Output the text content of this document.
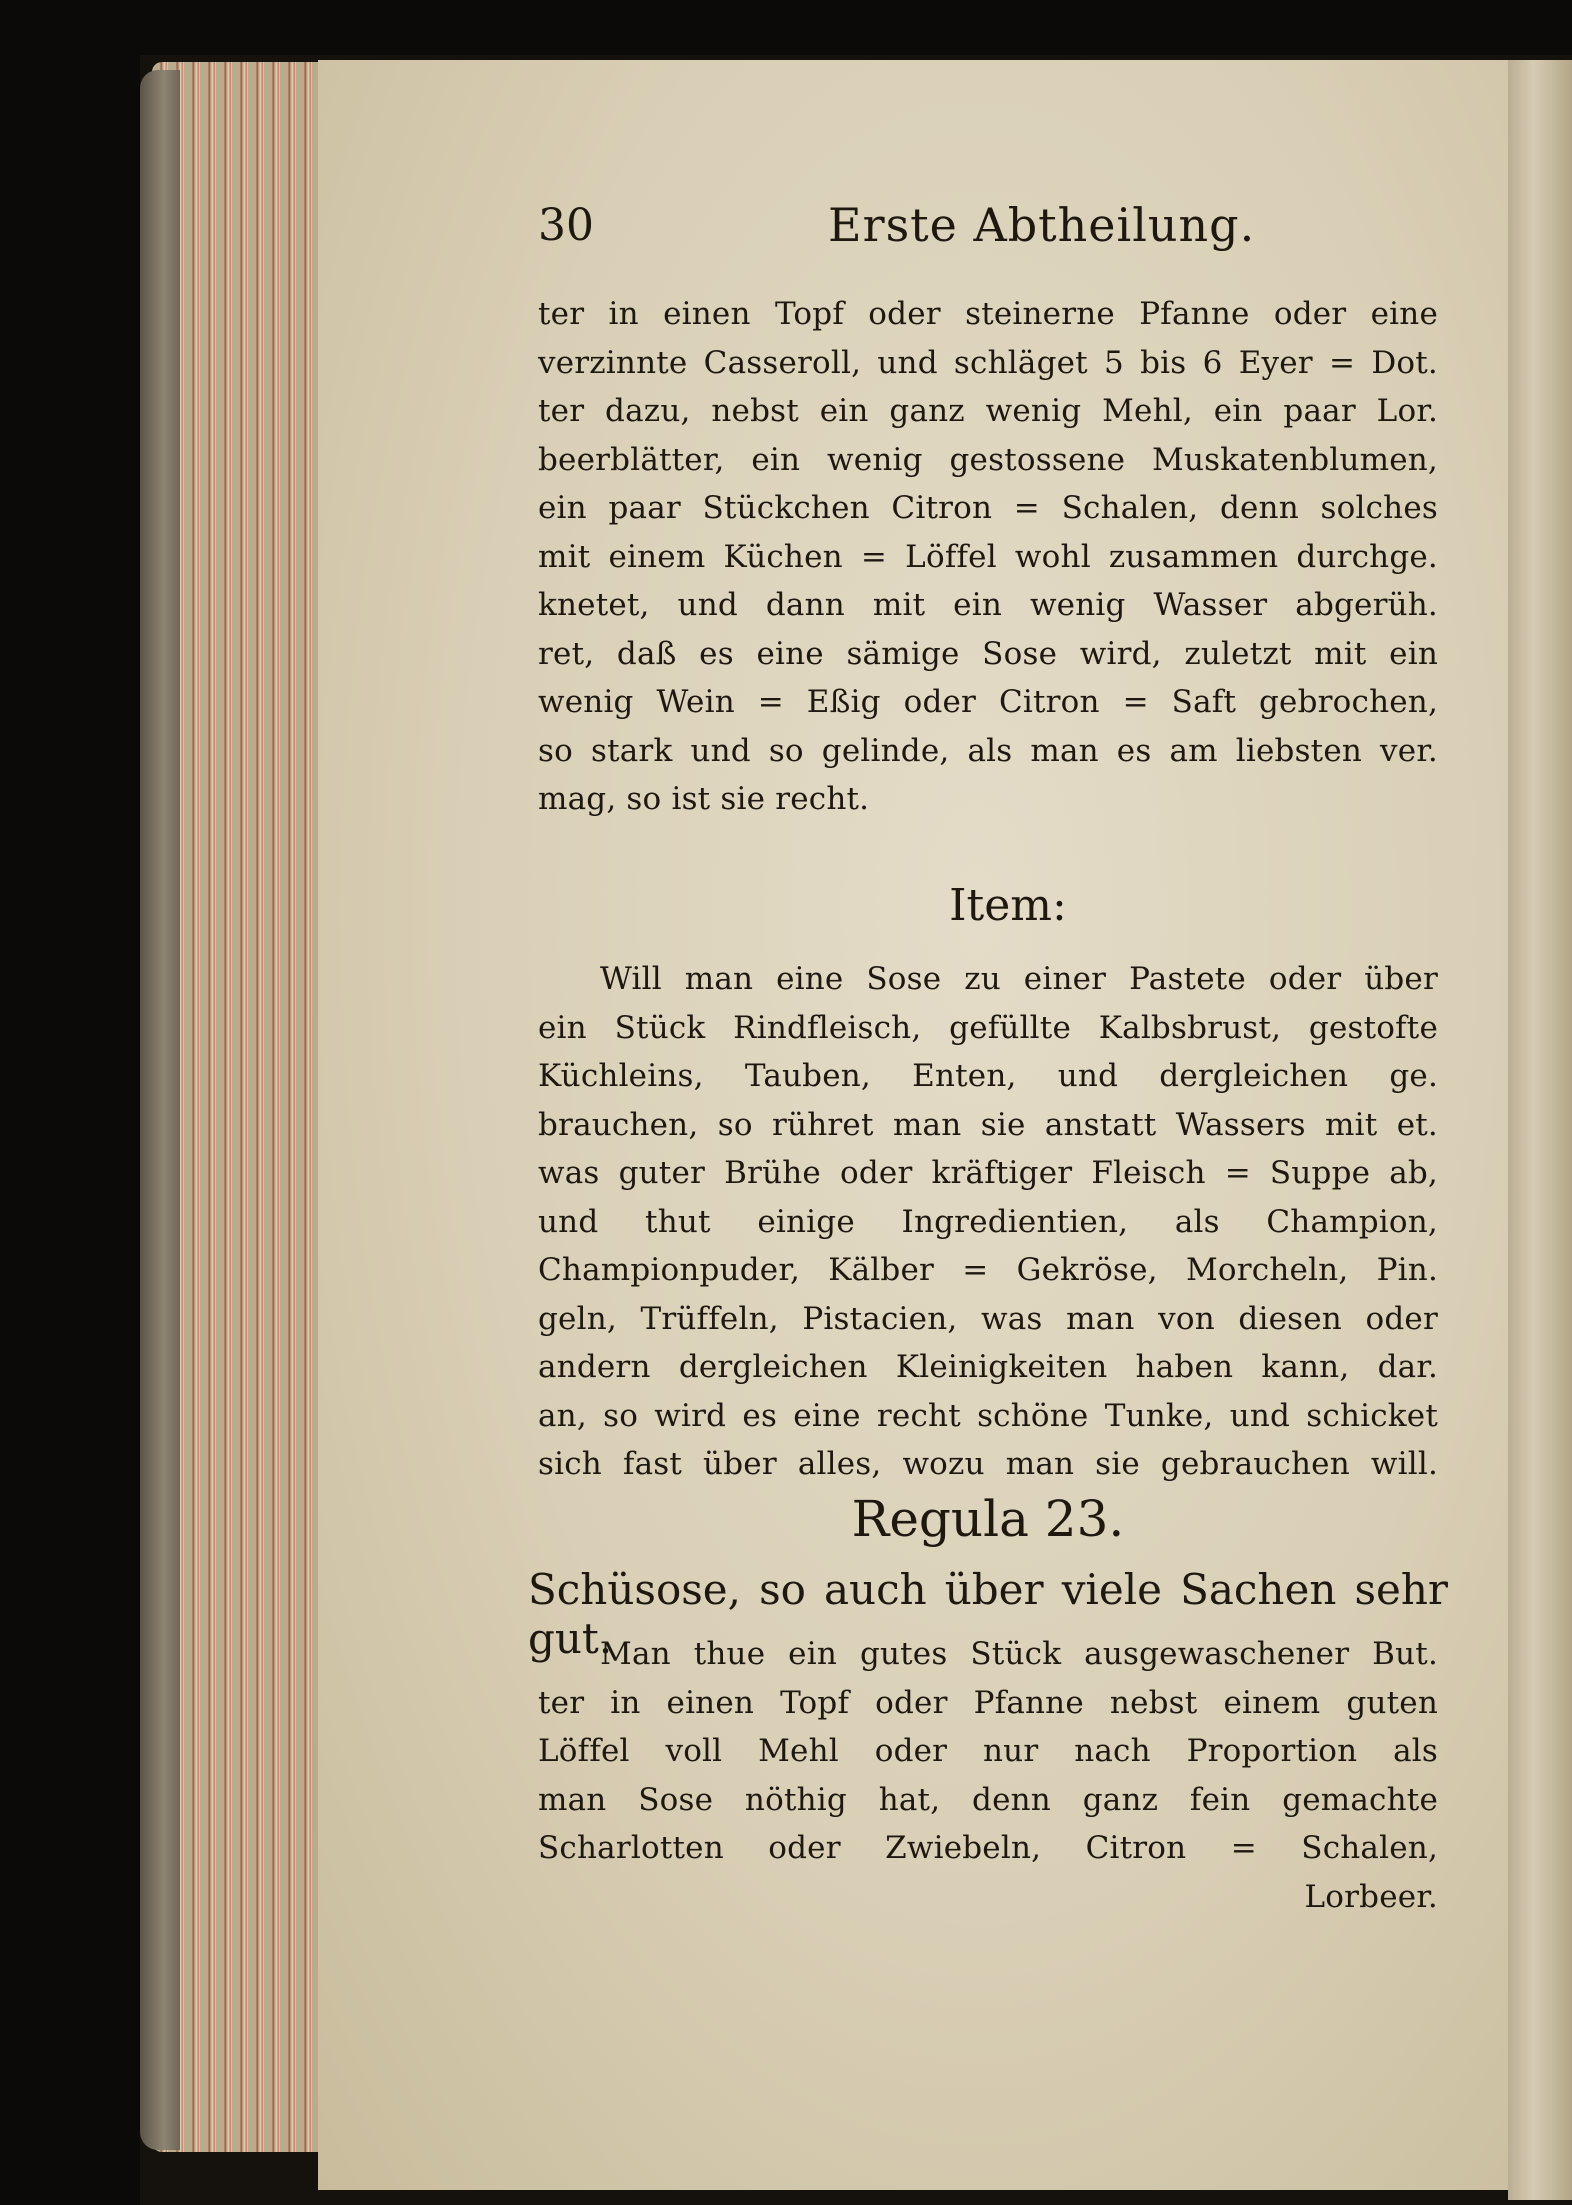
30	Erste Abtheilung.
ter in einen Topf oder steinerne Pfanne oder eine
verzinnte Casseroll, und schläget 5 bis 6 Eyer = Dot.
ter dazu, nebst ein ganz wenig Mehl, ein paar Lor.
beerblätter, ein wenig gestossene Muskatenblumen,
ein paar Stückchen Citron = Schalen, denn solches
mit einem Küchen = Löffel wohl zusammen durchge.
knetet, und dann mit ein wenig Wasser abgerüh.
ret, daß es eine sämige Sose wird, zuletzt mit ein
wenig Wein = Eßig oder Citron = Saft gebrochen,
so stark und so gelinde, als man es am liebsten ver.
mag, so ist sie recht.
Item:
Will man eine Sose zu einer Pastete oder über
ein Stück Rindfleisch, gefüllte Kalbsbrust, gestofte
Küchleins, Tauben, Enten, und dergleichen ge.
brauchen, so rühret man sie anstatt Wassers mit et.
was guter Brühe oder kräftiger Fleisch = Suppe ab,
und thut einige Ingredientien, als Champion,
Championpuder, Kälber = Gekröse, Morcheln, Pin.
geln, Trüffeln, Pistacien, was man von diesen oder
andern dergleichen Kleinigkeiten haben kann, dar.
an, so wird es eine recht schöne Tunke, und schicket
sich fast über alles, wozu man sie gebrauchen will.
Regula 23.
Schüsose, so auch über viele Sachen sehr gut.
Man thue ein gutes Stück ausgewaschener But.
ter in einen Topf oder Pfanne nebst einem guten
Löffel voll Mehl oder nur nach Proportion als
man Sose nöthig hat, denn ganz fein gemachte
Scharlotten oder Zwiebeln, Citron = Schalen,
Lorbeer.
